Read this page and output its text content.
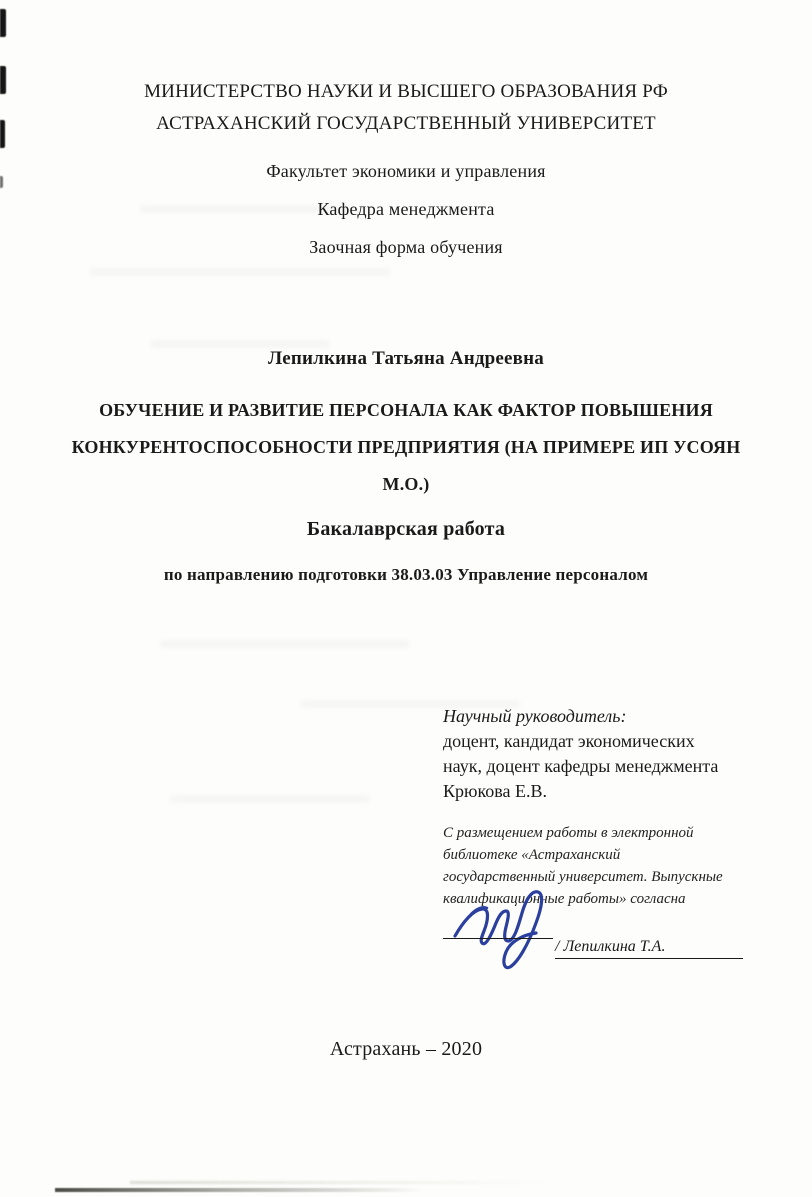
МИНИСТЕРСТВО НАУКИ И ВЫСШЕГО ОБРАЗОВАНИЯ РФ
АСТРАХАНСКИЙ ГОСУДАРСТВЕННЫЙ УНИВЕРСИТЕТ
Факультет экономики и управления
Кафедра менеджмента
Заочная форма обучения
Лепилкина Татьяна Андреевна
ОБУЧЕНИЕ И РАЗВИТИЕ ПЕРСОНАЛА КАК ФАКТОР ПОВЫШЕНИЯ
КОНКУРЕНТОСПОСОБНОСТИ ПРЕДПРИЯТИЯ (НА ПРИМЕРЕ ИП УСОЯН
М.О.)
Бакалаврская работа
по направлению подготовки 38.03.03 Управление персоналом
Научный руководитель:
доцент, кандидат экономических
наук, доцент кафедры менеджмента
Крюкова Е.В.
С размещением работы в электронной
библиотеке «Астраханский
государственный университет. Выпускные
квалификационные работы» согласна
/ Лепилкина Т.А.
Астрахань – 2020
